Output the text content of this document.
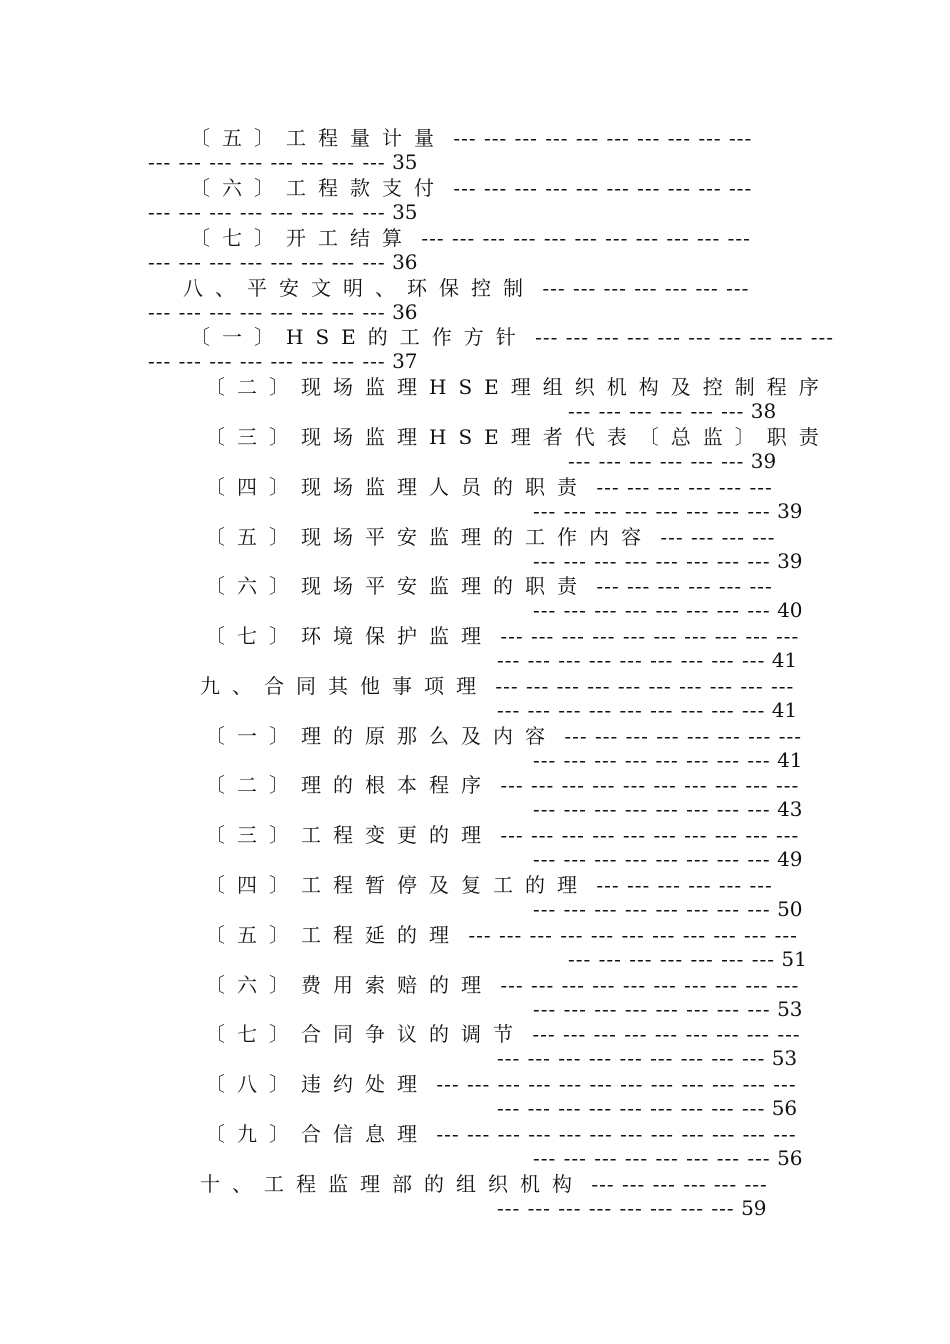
〔五〕工程量计量 --- --- --- --- --- --- --- --- --- ---
--- --- --- --- --- --- --- --- 35
〔六〕工程款支付 --- --- --- --- --- --- --- --- --- ---
--- --- --- --- --- --- --- --- 35
〔七〕开工结算 --- --- --- --- --- --- --- --- --- --- ---
--- --- --- --- --- --- --- --- 36
八、平安文明、环保控制 --- --- --- --- --- --- ---
--- --- --- --- --- --- --- --- 36
〔一〕HSE的工作方针 --- --- --- --- --- --- --- --- --- ---
--- --- --- --- --- --- --- --- 37
〔二〕现场监理HSE理组织机构及控制程序
--- --- --- --- --- --- 38
〔三〕现场监理HSE理者代表〔总监〕职责
--- --- --- --- --- --- 39
〔四〕现场监理人员的职责 --- --- --- --- --- ---
--- --- --- --- --- --- --- --- 39
〔五〕现场平安监理的工作内容 --- --- --- ---
--- --- --- --- --- --- --- --- 39
〔六〕现场平安监理的职责 --- --- --- --- --- ---
--- --- --- --- --- --- --- --- 40
〔七〕环境保护监理 --- --- --- --- --- --- --- --- --- ---
--- --- --- --- --- --- --- --- --- 41
九、合同其他事项理 --- --- --- --- --- --- --- --- --- ---
--- --- --- --- --- --- --- --- --- 41
〔一〕理的原那么及内容 --- --- --- --- --- --- --- ---
--- --- --- --- --- --- --- --- 41
〔二〕理的根本程序 --- --- --- --- --- --- --- --- --- ---
--- --- --- --- --- --- --- --- 43
〔三〕工程变更的理 --- --- --- --- --- --- --- --- --- ---
--- --- --- --- --- --- --- --- 49
〔四〕工程暂停及复工的理 --- --- --- --- --- ---
--- --- --- --- --- --- --- --- 50
〔五〕工程延的理 --- --- --- --- --- --- --- --- --- --- ---
--- --- --- --- --- --- --- 51
〔六〕费用索赔的理 --- --- --- --- --- --- --- --- --- ---
--- --- --- --- --- --- --- --- 53
〔七〕合同争议的调节 --- --- --- --- --- --- --- --- ---
--- --- --- --- --- --- --- --- --- 53
〔八〕违约处理 --- --- --- --- --- --- --- --- --- --- --- ---
--- --- --- --- --- --- --- --- --- 56
〔九〕合信息理 --- --- --- --- --- --- --- --- --- --- --- ---
--- --- --- --- --- --- --- --- 56
十、工程监理部的组织机构 --- --- --- --- --- ---
--- --- --- --- --- --- --- --- 59
